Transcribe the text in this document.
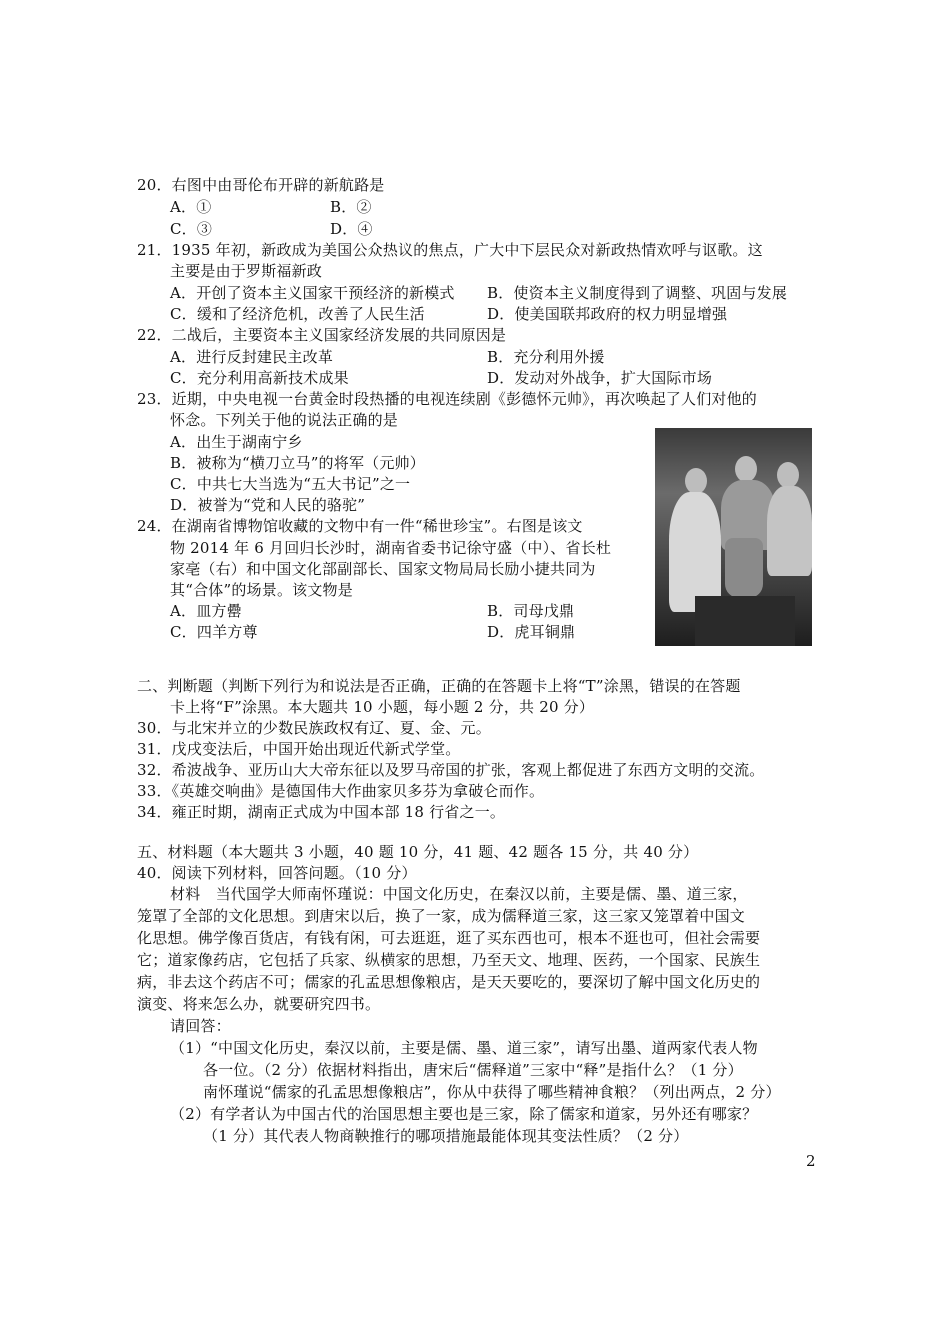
20．右图中由哥伦布开辟的新航路是
A．①	B．②
C．③	D．④
21．1935 年初，新政成为美国公众热议的焦点，广大中下层民众对新政热情欢呼与讴歌。这
主要是由于罗斯福新政
A．开创了资本主义国家干预经济的新模式 B．使资本主义制度得到了调整、巩固与发展
C．缓和了经济危机，改善了人民生活	D．使美国联邦政府的权力明显增强
22．二战后，主要资本主义国家经济发展的共同原因是
A．进行反封建民主改革	B．充分利用外援
C．充分利用高新技术成果	D．发动对外战争，扩大国际市场
23．近期，中央电视一台黄金时段热播的电视连续剧《彭德怀元帅》，再次唤起了人们对他的
怀念。下列关于他的说法正确的是
A．出生于湖南宁乡
B．被称为“横刀立马”的将军（元帅）
C．中共七大当选为“五大书记”之一
D．被誉为“党和人民的骆驼”
24．在湖南省博物馆收藏的文物中有一件“稀世珍宝”。右图是该文
物 2014 年 6 月回归长沙时，湖南省委书记徐守盛（中）、省长杜
家亳（右）和中国文化部副部长、国家文物局局长励小捷共同为
其“合体”的场景。该文物是
A．皿方罍	B．司母戊鼎
C．四羊方尊	D．虎耳铜鼎
二、判断题（判断下列行为和说法是否正确，正确的在答题卡上将“T”涂黑，错误的在答题
卡上将“F”涂黑。本大题共 10 小题，每小题 2 分，共 20 分）
30．与北宋并立的少数民族政权有辽、夏、金、元。
31．戊戌变法后，中国开始出现近代新式学堂。
32．希波战争、亚历山大大帝东征以及罗马帝国的扩张，客观上都促进了东西方文明的交流。
33．《英雄交响曲》是德国伟大作曲家贝多芬为拿破仑而作。
34．雍正时期，湖南正式成为中国本部 18 行省之一。
五、材料题（本大题共 3 小题，40 题 10 分，41 题、42 题各 15 分，共 40 分）
40．阅读下列材料，回答问题。（10 分）
材料　当代国学大师南怀瑾说：中国文化历史，在秦汉以前，主要是儒、墨、道三家，
笼罩了全部的文化思想。到唐宋以后，换了一家，成为儒释道三家，这三家又笼罩着中国文
化思想。佛学像百货店，有钱有闲，可去逛逛，逛了买东西也可，根本不逛也可，但社会需要
它；道家像药店，它包括了兵家、纵横家的思想，乃至天文、地理、医药，一个国家、民族生
病，非去这个药店不可；儒家的孔孟思想像粮店，是天天要吃的，要深切了解中国文化历史的
演变、将来怎么办，就要研究四书。
请回答：
（1）“中国文化历史，秦汉以前，主要是儒、墨、道三家”，请写出墨、道两家代表人物
各一位。（2 分）依据材料指出，唐宋后“儒释道”三家中“释”是指什么？（1 分）
南怀瑾说“儒家的孔孟思想像粮店”，你从中获得了哪些精神食粮？（列出两点，2 分）
（2）有学者认为中国古代的治国思想主要也是三家，除了儒家和道家，另外还有哪家？
（1 分）其代表人物商鞅推行的哪项措施最能体现其变法性质？（2 分）
2
